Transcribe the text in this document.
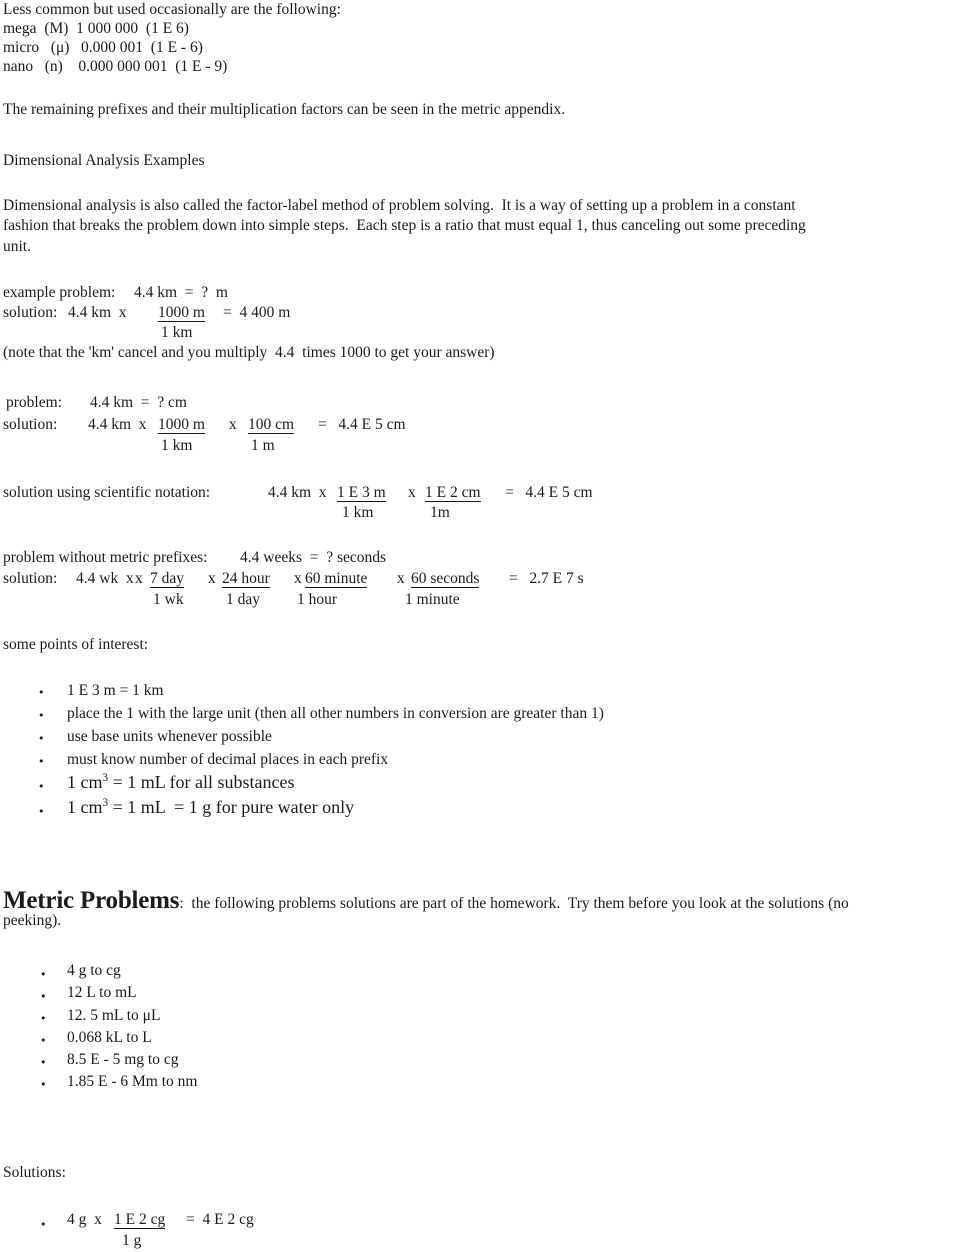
Less common but used occasionally are the following:
mega  (M)  1 000 000  (1 E 6)
micro   (μ)   0.000 001  (1 E - 6)
nano   (n)    0.000 000 001  (1 E - 9)
The remaining prefixes and their multiplication factors can be seen in the metric appendix.
Dimensional Analysis Examples
Dimensional analysis is also called the factor-label method of problem solving.  It is a way of setting up a problem in a constant
fashion that breaks the problem down into simple steps.  Each step is a ratio that must equal 1, thus canceling out some preceding
unit.
example problem: 4.4 km  =  ?  m
solution: 4.4 km  x 1000 m
1 km
=  4 400 m
(note that the 'km' cancel and you multiply  4.4  times 1000 to get your answer)
problem: 4.4 km  =  ? cm
solution: 4.4 km  x 1000 m
1 km
x 100 cm
1 m
=   4.4 E 5 cm
solution using scientific notation:	4.4 km  x 1 E 3 m
1 km
x 1 E 2 cm
1m
=   4.4 E 5 cm
problem without metric prefixes: 4.4 weeks  =  ? seconds
solution: 4.4 wk  x x 7 day
1 wk
x 24 hour
1 day
x 60 minute
1 hour
x 60 seconds
1 minute
=   2.7 E 7 s
some points of interest:
• 1 E 3 m = 1 km
• place the 1 with the large unit (then all other numbers in conversion are greater than 1)
• use base units whenever possible
• must know number of decimal places in each prefix
• 1 $cm^3 = 1$ mL for all substances
• 1 $cm^3 = 1$ mL  = 1 g for pure water only
Metric Problems:  the following problems solutions are part of the homework.  Try them before you look at the solutions (no
peeking).
• 4 g to cg
• 12 L to mL
• 12. 5 mL to μL
• 0.068 kL to L
• 8.5 E - 5 mg to cg
• 1.85 E - 6 Mm to nm
Solutions:
• 4 g  x 1 E 2 cg
1 g
=  4 E 2 cg
